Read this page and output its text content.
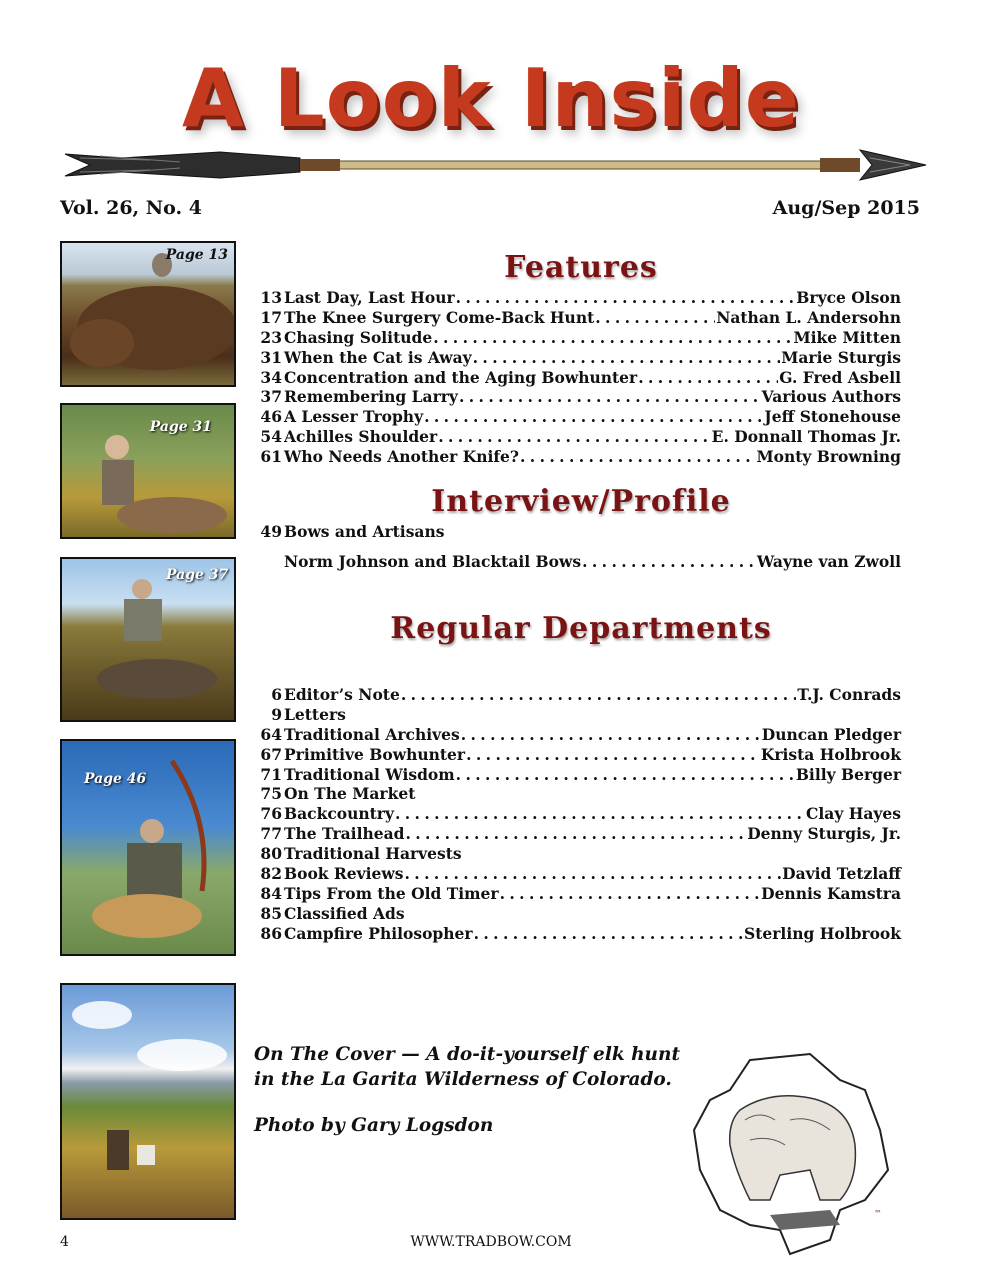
A Look Inside
Vol. 26, No. 4	Aug/Sep 2015
Page 13
Page 31
Page 37
Page 46
Features
13 Last Day, Last Hour . . .	Bryce Olson
17 The Knee Surgery Come-Back Hunt . . .	Nathan L. Andersohn
23 Chasing Solitude . . .	Mike Mitten
31 When the Cat is Away . . .	Marie Sturgis
34 Concentration and the Aging Bowhunter . . .	G. Fred Asbell
37 Remembering Larry . . .	Various Authors
46 A Lesser Trophy . . .	Jeff Stonehouse
54 Achilles Shoulder . . .	E. Donnall Thomas Jr.
61 Who Needs Another Knife? . . .	Monty Browning
Interview/Profile
49 Bows and Artisans
Norm Johnson and Blacktail Bows . . .	Wayne van Zwoll
Regular Departments
6 Editor’s Note . . .	T.J. Conrads
9 Letters
64 Traditional Archives . . .	Duncan Pledger
67 Primitive Bowhunter . . .	Krista Holbrook
71 Traditional Wisdom . . .	Billy Berger
75 On The Market
76 Backcountry . . .	Clay Hayes
77 The Trailhead . . .	Denny Sturgis, Jr.
80 Traditional Harvests
82 Book Reviews . . .	David Tetzlaff
84 Tips From the Old Timer . . .	Dennis Kamstra
85 Classified Ads
86 Campfire Philosopher . . .	Sterling Holbrook

On The Cover — A do-it-yourself elk hunt in the La Garita Wilderness of Colorado.

Photo by Gary Logsdon

™
4	WWW.TRADBOW.COM
